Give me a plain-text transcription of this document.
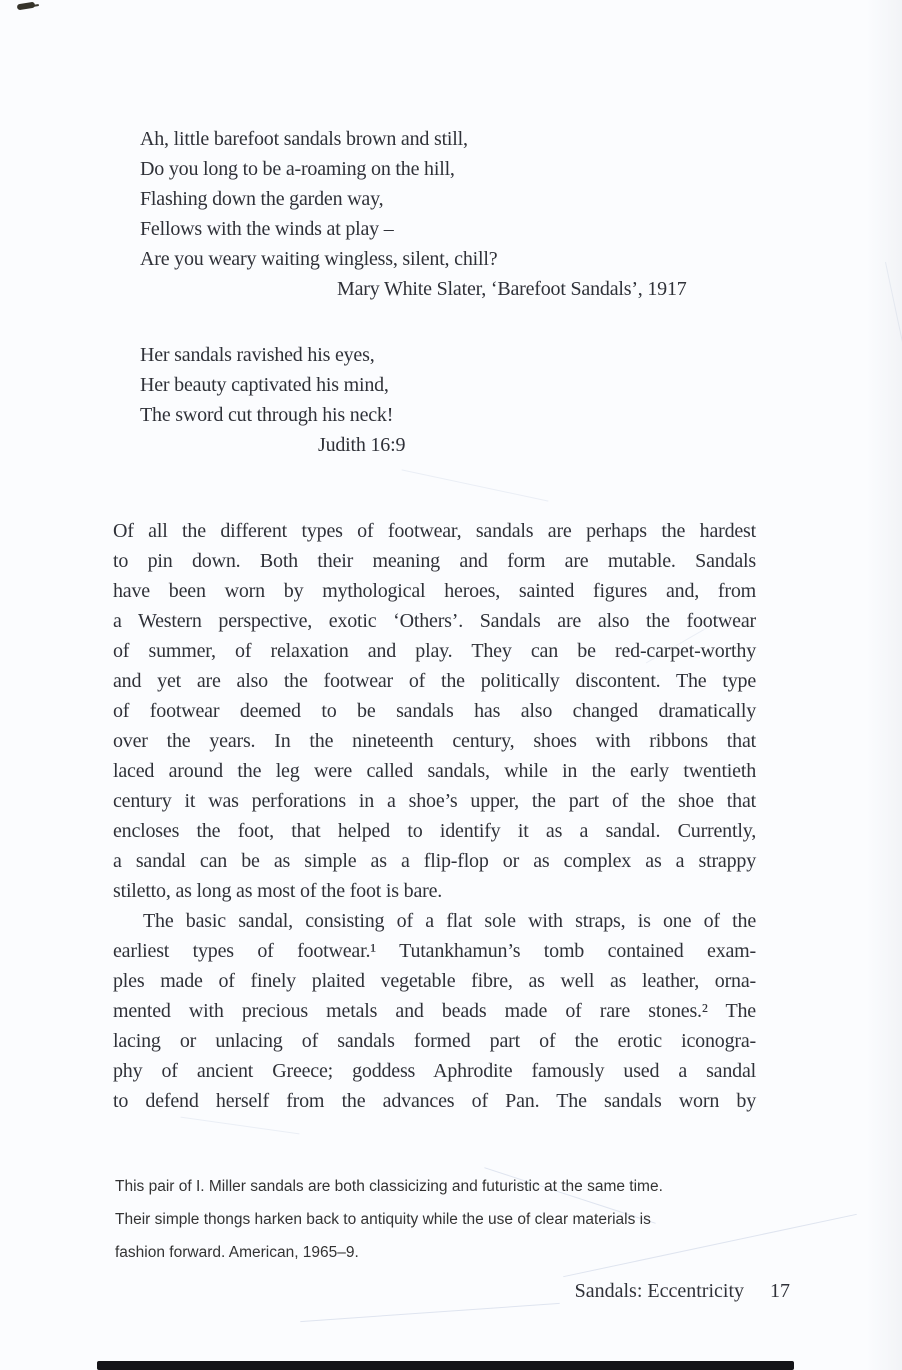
Ah, little barefoot sandals brown and still,
Do you long to be a-roaming on the hill,
Flashing down the garden way,
Fellows with the winds at play –
Are you weary waiting wingless, silent, chill?
Mary White Slater, ‘Barefoot Sandals’, 1917
Her sandals ravished his eyes,
Her beauty captivated his mind,
The sword cut through his neck!
Judith 16:9
Of all the different types of footwear, sandals are perhaps the hardest
to pin down. Both their meaning and form are mutable. Sandals
have been worn by mythological heroes, sainted figures and, from
a Western perspective, exotic ‘Others’. Sandals are also the footwear
of summer, of relaxation and play. They can be red-carpet-worthy
and yet are also the footwear of the politically discontent. The type
of footwear deemed to be sandals has also changed dramatically
over the years. In the nineteenth century, shoes with ribbons that
laced around the leg were called sandals, while in the early twentieth
century it was perforations in a shoe’s upper, the part of the shoe that
encloses the foot, that helped to identify it as a sandal. Currently,
a sandal can be as simple as a flip-flop or as complex as a strappy
stiletto, as long as most of the foot is bare.
The basic sandal, consisting of a flat sole with straps, is one of the
earliest types of footwear.¹ Tutankhamun’s tomb contained exam-
ples made of finely plaited vegetable fibre, as well as leather, orna-
mented with precious metals and beads made of rare stones.² The
lacing or unlacing of sandals formed part of the erotic iconogra-
phy of ancient Greece; goddess Aphrodite famously used a sandal
to defend herself from the advances of Pan. The sandals worn by
This pair of I. Miller sandals are both classicizing and futuristic at the same time.
Their simple thongs harken back to antiquity while the use of clear materials is
fashion forward. American, 1965–9.
Sandals: Eccentricity 17
